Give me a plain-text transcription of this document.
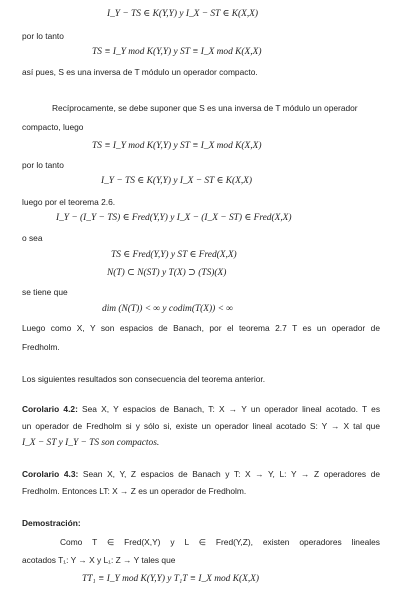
I_Y − TS ∈ K(Y,Y) y I_X − ST ∈ K(X,X)
por lo tanto
TS ≡ I_Y mod K(Y,Y) y ST ≡ I_X mod K(X,X)
así pues, S es una inversa de T módulo un operador compacto.
Recíprocamente, se debe suponer que S es una inversa de T módulo un operador
compacto, luego
TS ≡ I_Y mod K(Y,Y) y ST ≡ I_X mod K(X,X)
por lo tanto
I_Y − TS ∈ K(Y,Y) y I_X − ST ∈ K(X,X)
luego por el teorema 2.6.
I_Y − (I_Y − TS) ∈ Fred(Y,Y) y I_X − (I_X − ST) ∈ Fred(X,X)
o sea
TS ∈ Fred(Y,Y) y ST ∈ Fred(X,X)
N(T) ⊂ N(ST) y T(X) ⊃ (TS)(X)
se tiene que
dim (N(T)) < ∞ y codim(T(X)) < ∞
Luego como X, Y son espacios de Banach, por el teorema 2.7 T es un operador de
Fredholm.
Los siguientes resultados son consecuencia del teorema anterior.
Corolario 4.2: Sea X, Y espacios de Banach, T: X → Y un operador lineal acotado. T es
un operador de Fredholm si y sólo si, existe un operador lineal acotado S: Y → X tal que
I_X − ST y I_Y − TS son compactos.
Corolario 4.3: Sean X, Y, Z espacios de Banach y T: X → Y, L: Y → Z operadores de
Fredholm. Entonces LT: X → Z es un operador de Fredholm.
Demostración:
Como T ∈ Fred(X,Y) y L ∈ Fred(Y,Z), existen operadores lineales
acotados T₁: Y → X y L₁: Z → Y tales que
TT₁ ≡ I_Y mod K(Y,Y) y T₁T ≡ I_X mod K(X,X)
